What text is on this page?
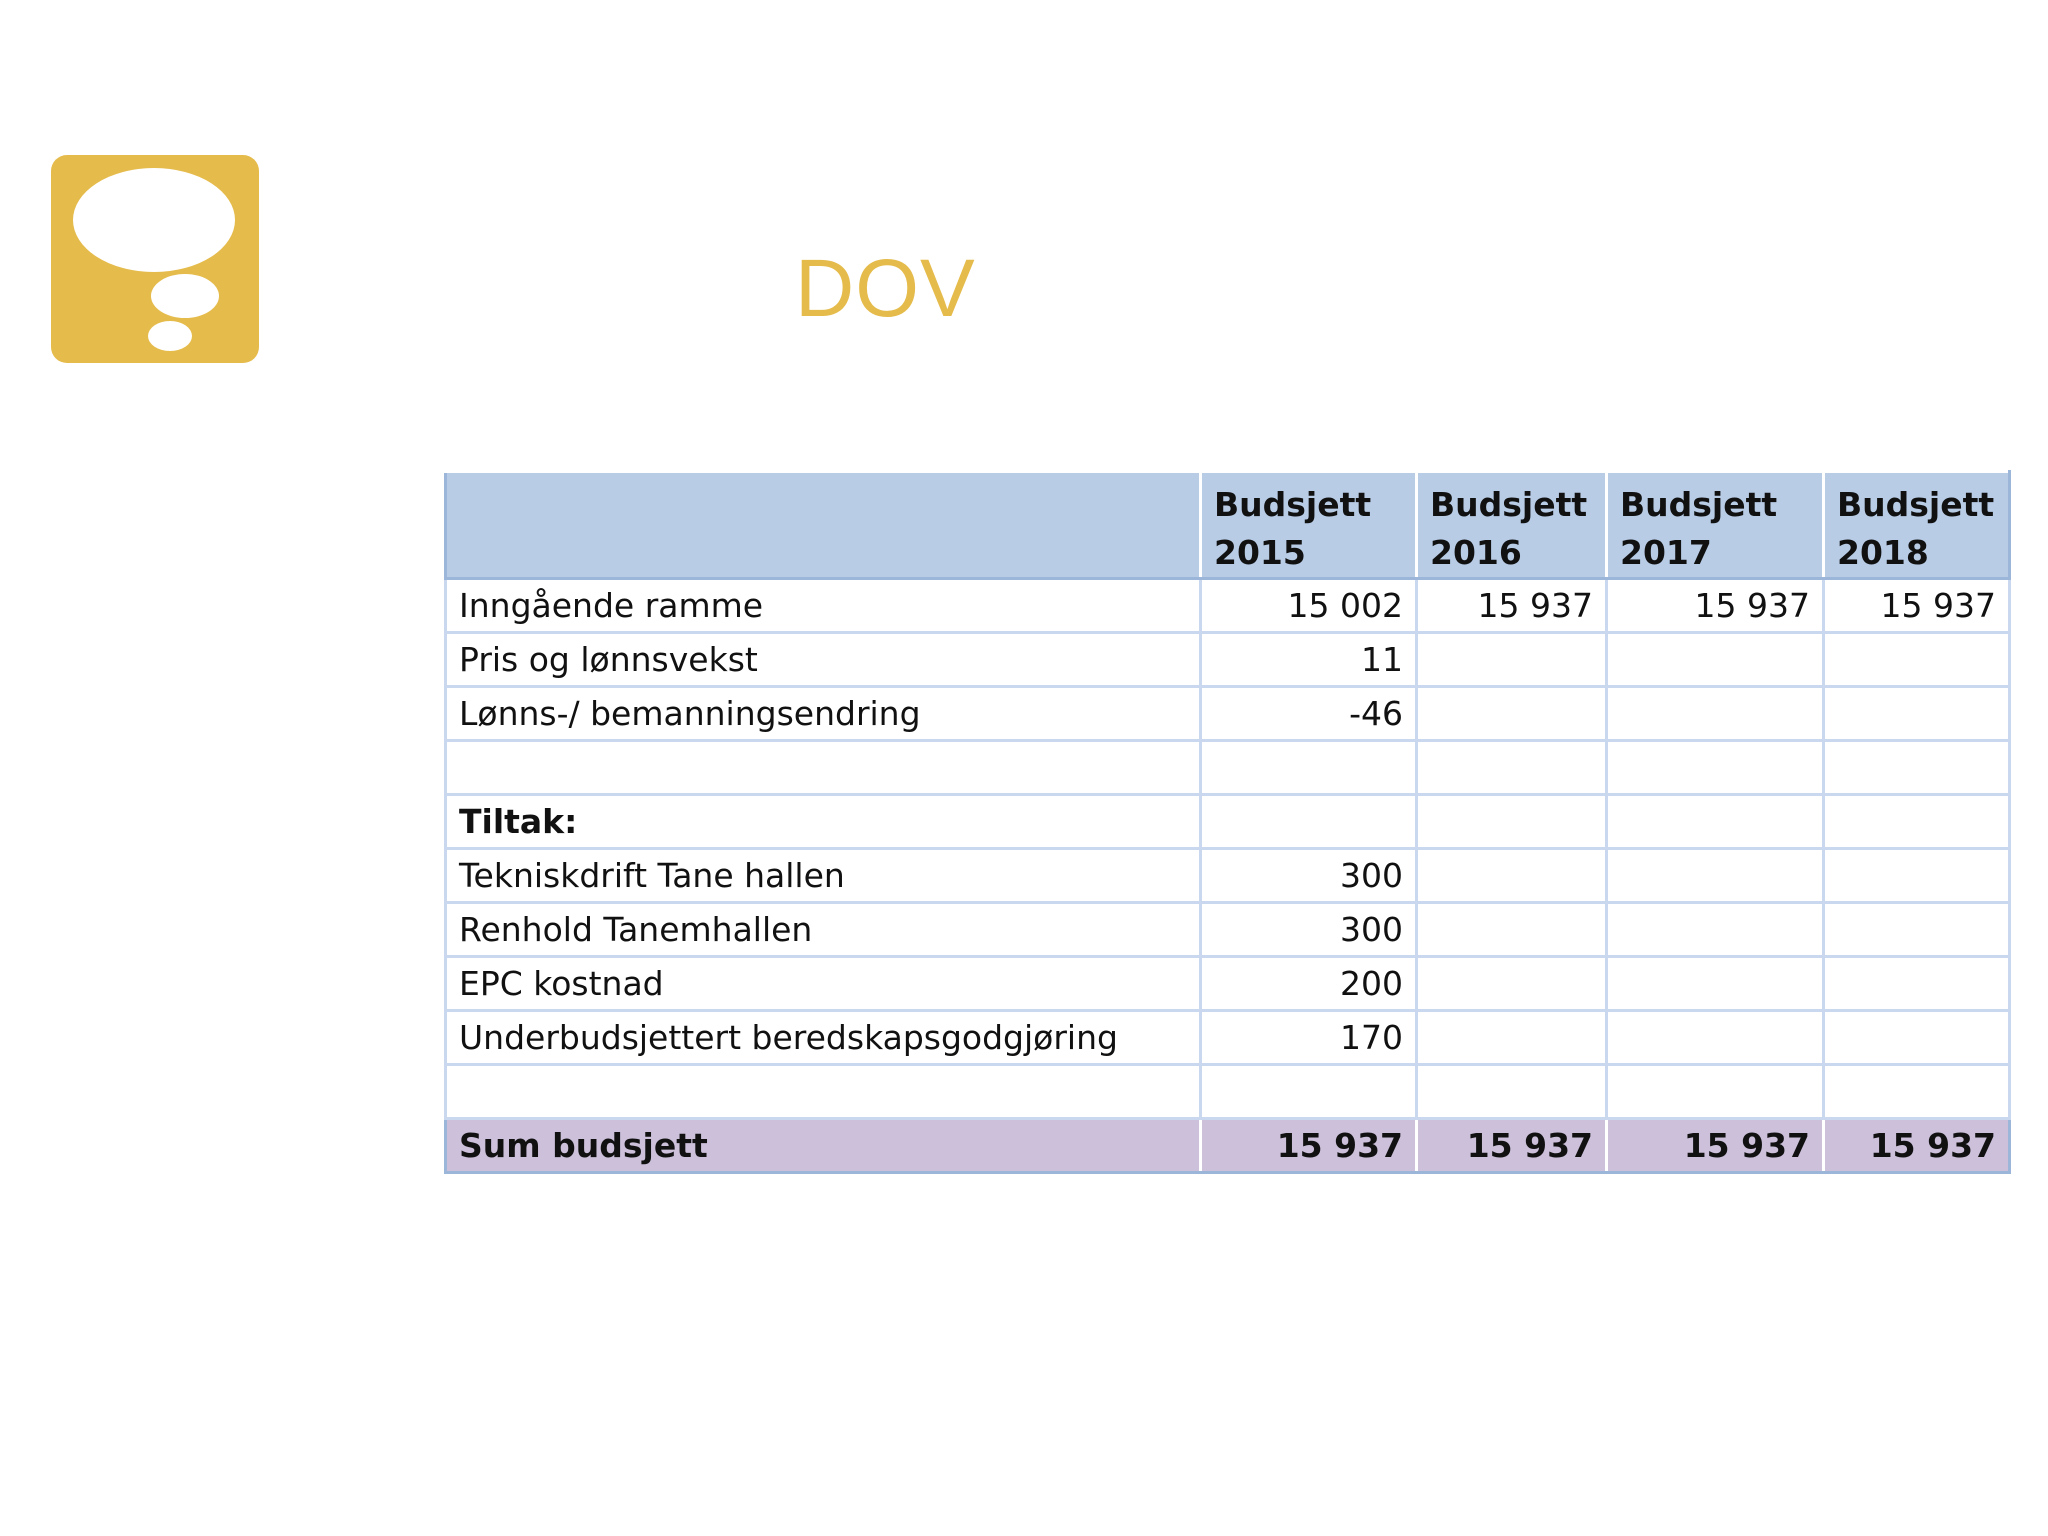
DOV
	Budsjett 2015	Budsjett 2016	Budsjett 2017	Budsjett 2018
Inngående ramme	15 002	15 937	15 937	15 937
Pris og lønnsvekst	11			
Lønns-/ bemanningsendring	-46			

Tiltak:				
Tekniskdrift Tane hallen	300			
Renhold Tanemhallen	300			
EPC kostnad	200			
Underbudsjettert beredskapsgodgjøring	170			

Sum budsjett	15 937	15 937	15 937	15 937
